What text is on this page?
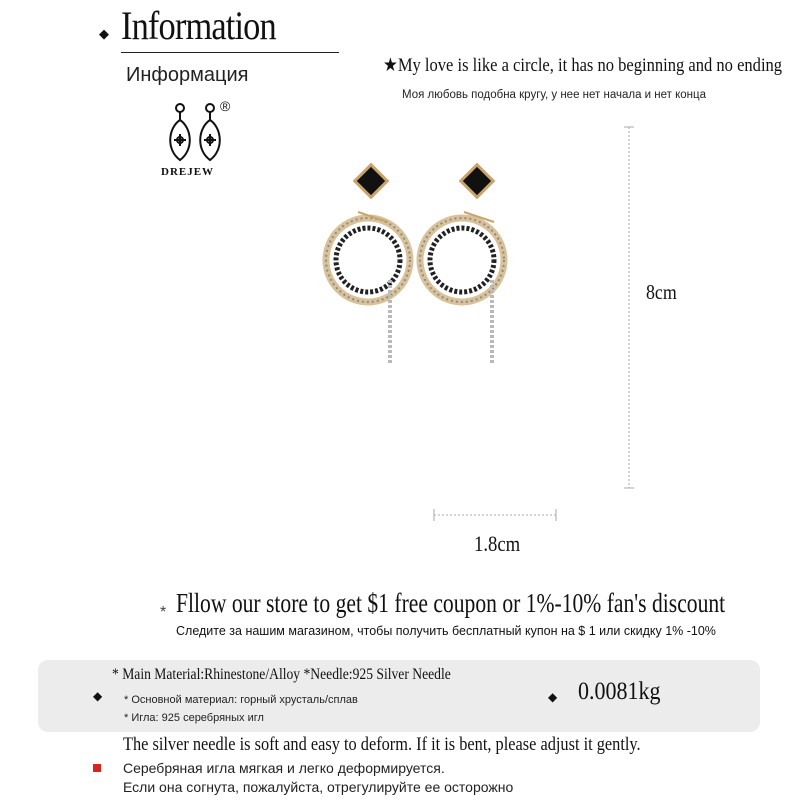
◆ Information
Информация
®
DREJEW
★My love is like a circle, it has no beginning and no ending
Моя любовь подобна кругу, у нее нет начала и нет конца
8cm
1.8cm
* Fllow our store to get $1 free coupon or 1%-10% fan's discount
Следите за нашим магазином, чтобы получить бесплатный купон на $ 1 или скидку 1% -10%
◆
* Main Material:Rhinestone/Alloy *Needle:925 Silver Needle
* Основной материал: горный хрусталь/сплав
* Игла: 925 серебряных игл
◆ 0.0081kg
The silver needle is soft and easy to deform. If it is bent, please adjust it gently.
Серебряная игла мягкая и легко деформируется.
Если она согнута, пожалуйста, отрегулируйте ее осторожно
